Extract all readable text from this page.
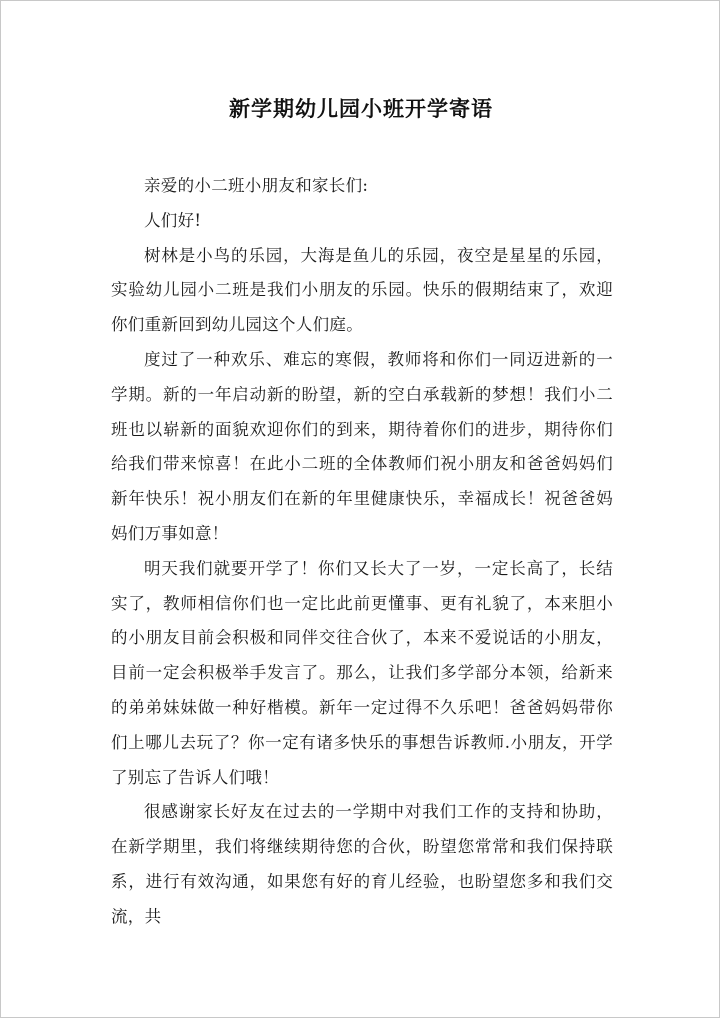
新学期幼儿园小班开学寄语

亲爱的小二班小朋友和家长们:

人们好!

树林是小鸟的乐园，大海是鱼儿的乐园，夜空是星星的乐园，实验幼儿园小二班是我们小朋友的乐园。快乐的假期结束了，欢迎你们重新回到幼儿园这个人们庭。

度过了一种欢乐、难忘的寒假，教师将和你们一同迈进新的一学期。新的一年启动新的盼望，新的空白承载新的梦想！我们小二班也以崭新的面貌欢迎你们的到来，期待着你们的进步，期待你们给我们带来惊喜！在此小二班的全体教师们祝小朋友和爸爸妈妈们新年快乐！祝小朋友们在新的年里健康快乐，幸福成长！祝爸爸妈妈们万事如意！

明天我们就要开学了！你们又长大了一岁，一定长高了，长结实了，教师相信你们也一定比此前更懂事、更有礼貌了，本来胆小的小朋友目前会积极和同伴交往合伙了，本来不爱说话的小朋友，目前一定会积极举手发言了。那么，让我们多学部分本领，给新来的弟弟妹妹做一种好楷模。新年一定过得不久乐吧！爸爸妈妈带你们上哪儿去玩了？你一定有诸多快乐的事想告诉教师.小朋友，开学了别忘了告诉人们哦！

很感谢家长好友在过去的一学期中对我们工作的支持和协助，在新学期里，我们将继续期待您的合伙，盼望您常常和我们保持联系，进行有效沟通，如果您有好的育儿经验，也盼望您多和我们交流，共
